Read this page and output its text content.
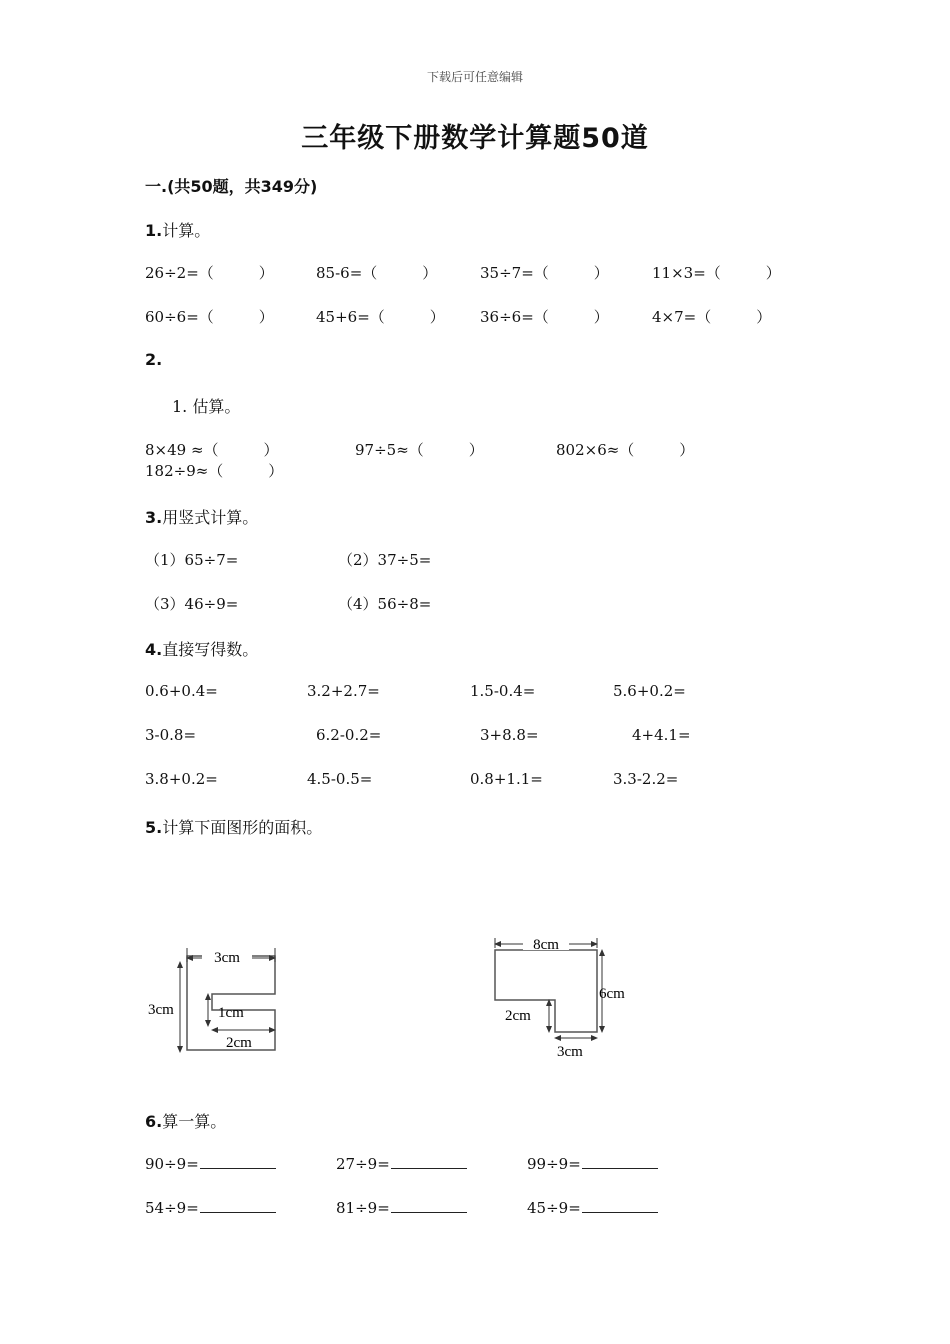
下载后可任意编辑
三年级下册数学计算题50道
一.(共50题，共349分)
1.计算。
26÷2=（　　　）	85-6=（　　　）	35÷7=（　　　）	11×3=（　　　）
60÷6=（　　　）	45+6=（　　　） 36÷6=（　　　）	4×7=（　　　）
2.
1. 估算。
8×49 ≈（　　　）	97÷5≈（　　　）	802×6≈（　　　）
182÷9≈（　　　）
3.用竖式计算。
（1）65÷7=	（2）37÷5=
（3）46÷9=	（4）56÷8=
4.直接写得数。
0.6+0.4=	3.2+2.7=	1.5-0.4=	5.6+0.2=
3-0.8=	6.2-0.2=	3+8.8=	4+4.1=
3.8+0.2=	4.5-0.5=	0.8+1.1=	3.3-2.2=
5.计算下面图形的面积。
3cm
3cm	1cm
2cm
8cm
6cm
2cm
3cm
6.算一算。
90÷9=	27÷9=	99÷9=
54÷9=	81÷9=	45÷9=
